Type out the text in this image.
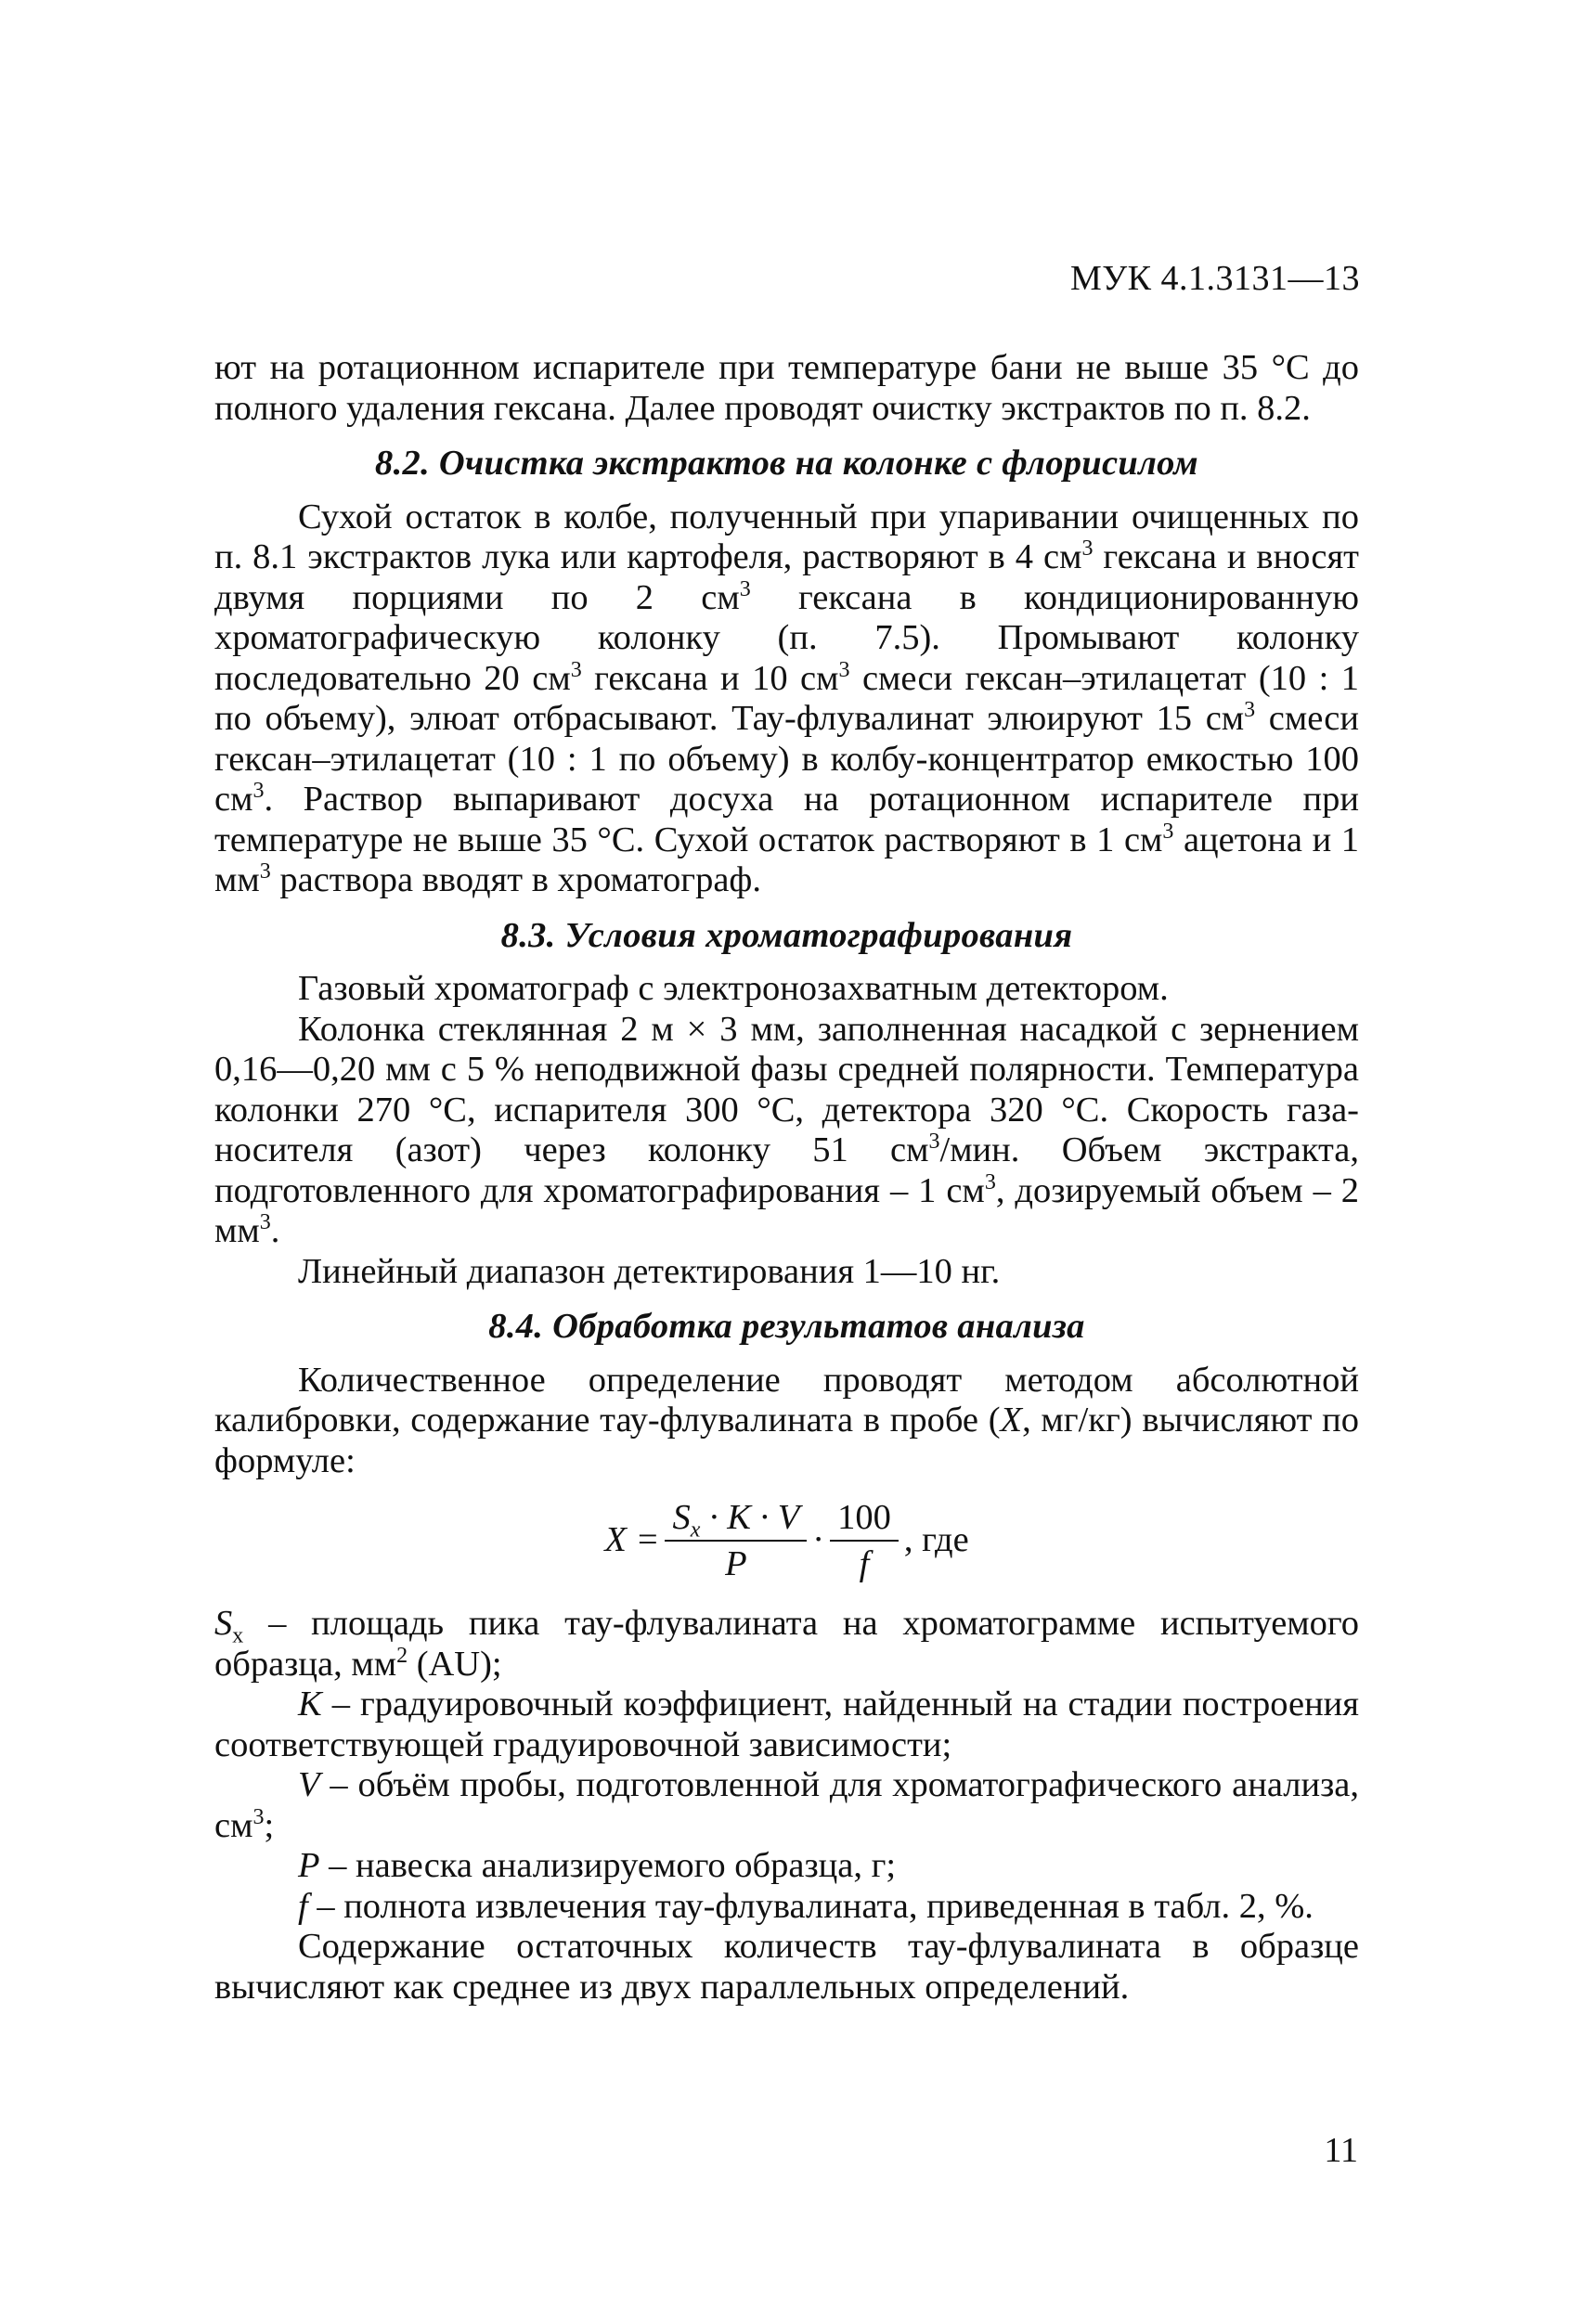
МУК 4.1.3131—13

ют на ротационном испарителе при температуре бани не выше 35 °С до полного удаления гексана. Далее проводят очистку экстрактов по п. 8.2.

8.2. Очистка экстрактов на колонке с флорисилом

Сухой остаток в колбе, полученный при упаривании очищенных по п. 8.1 экстрактов лука или картофеля, растворяют в 4 $см^3$ гексана и вносят двумя порциями по 2 $см^3$ гексана в кондиционированную хроматографическую колонку (п. 7.5). Промывают колонку последовательно 20 $см^3$ гексана и 10 $см^3$ смеси гексан–этилацетат (10 : 1 по объему), элюат отбрасывают. Тау-флувалинат элюируют 15 $см^3$ смеси гексан–этилацетат (10 : 1 по объему) в колбу-концентратор емкостью 100 $см^3$. Раствор выпаривают досуха на ротационном испарителе при температуре не выше 35 °С. Сухой остаток растворяют в 1 $см^3$ ацетона и 1 $мм^3$ раствора вводят в хроматограф.

8.3. Условия хроматографирования

Газовый хроматограф с электронозахватным детектором.

Колонка стеклянная 2 м × 3 мм, заполненная насадкой с зернением 0,16—0,20 мм с 5 % неподвижной фазы средней полярности. Температура колонки 270 °С, испарителя 300 °С, детектора 320 °С. Скорость газа-носителя (азот) через колонку 51 $см^3$/мин. Объем экстракта, подготовленного для хроматографирования – 1 $см^3$, дозируемый объем – 2 $мм^3$.

Линейный диапазон детектирования 1—10 нг.

8.4. Обработка результатов анализа

Количественное определение проводят методом абсолютной калибровки, содержание тау-флувалината в пробе (X, мг/кг) вычисляют по формуле:

$X = \frac{S_x \cdot K \cdot V}{P} \cdot \frac{100}{f}$ , где

$S_x$ – площадь пика тау-флувалината на хроматограмме испытуемого образца, $мм^2$ (AU);

K – градуировочный коэффициент, найденный на стадии построения соответствующей градуировочной зависимости;

V – объём пробы, подготовленной для хроматографического анализа, $см^3$;

P – навеска анализируемого образца, г;

f – полнота извлечения тау-флувалината, приведенная в табл. 2, %.

Содержание остаточных количеств тау-флувалината в образце вычисляют как среднее из двух параллельных определений.

11
